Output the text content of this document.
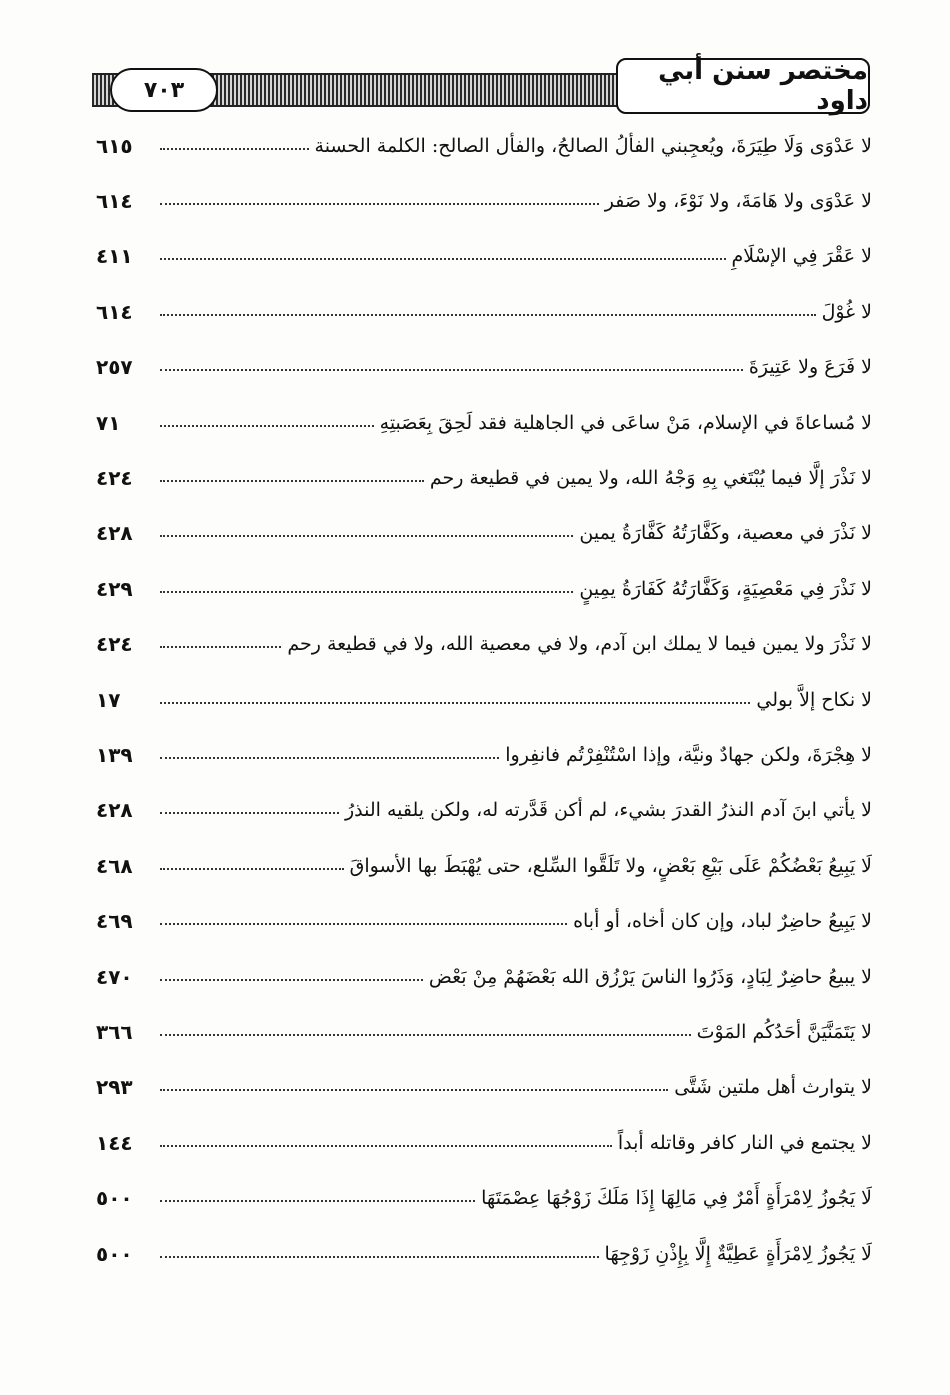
٧٠٣
مختصر سنن أبي داود
لا عَدْوَى وَلَا طِيَرَةَ، ويُعجِبني الفألُ الصالحُ، والفأل الصالح: الكلمة الحسنة
٦١٥
لا عَدْوَى ولا هَامَةَ، ولا نَوْءَ، ولا صَفر
٦١٤
لا عَقْرَ فِي الإسْلَامِ
٤١١
لا غُوْلَ
٦١٤
لا فَرَعَ ولا عَتِيرَةَ
٢٥٧
لا مُساعاةَ في الإسلام، مَنْ ساعَى في الجاهلية فقد لَحِقَ بِعَصَبتِهِ
٧١
لا نَذْرَ إلَّا فيما يُبْتَغي بِهِ وَجْهُ الله، ولا يمين في قطيعة رحم
٤٢٤
لا نَذْرَ في معصية، وكَفَّارَتُهُ كَفَّارَةُ يمين
٤٢٨
لا نَذْرَ فِي مَعْصِيَةٍ، وَكَفَّارَتُهُ كَفَارَةُ يمِينٍ
٤٢٩
لا نَذْرَ ولا يمين فيما لا يملك ابن آدم، ولا في معصية الله، ولا في قطيعة رحم
٤٢٤
لا نكاح إلاَّ بولي
١٧
لا هِجْرَةَ، ولكن جهادٌ ونيَّة، وإذا اسْتُنْفِرْتُم فانفِروا
١٣٩
لا يأتي ابنَ آدم النذرُ القدرَ بشيء، لم أكن قَدَّرته له، ولكن يلقيه النذرُ
٤٢٨
لَا يَبِيعُ بَعْضُكُمْ عَلَى بَيْعِ بَعْضٍ، ولا تَلَقَّوا السِّلع، حتى يُهْبَطَ بها الأسواقَ
٤٦٨
لا يَبِيعُ حاضِرٌ لباد، وإن كان أخاه، أو أباه
٤٦٩
لا يبيعُ حاضِرٌ لِبَادٍ، وَذَرُوا الناسَ يَرْزُق الله بَعْضَهُمْ مِنْ بَعْض
٤٧٠
لا يَتَمَنَّيَنَّ أحَدُكُم المَوْتَ
٣٦٦
لا يتوارث أهل ملتين شَتَّى
٢٩٣
لا يجتمع في النار كافر وقاتله أبداً
١٤٤
لَا يَجُوزُ لِامْرَأَةٍ أَمْرٌ فِي مَالِهَا إِذَا مَلَكَ زَوْجُهَا عِصْمَتَهَا
٥٠٠
لَا يَجُوزُ لِامْرَأَةٍ عَطِيَّةٌ إِلَّا بِإِذْنِ زَوْجِهَا
٥٠٠
